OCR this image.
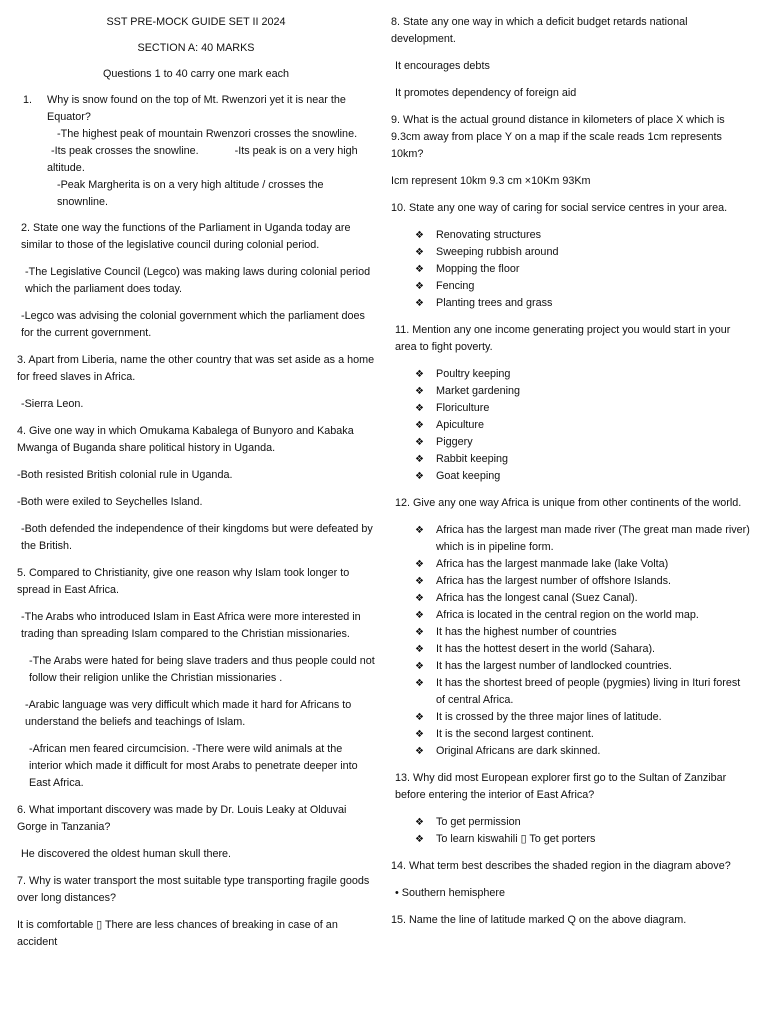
SST PRE-MOCK GUIDE SET II 2024

SECTION A: 40 MARKS

Questions 1 to 40 carry one mark each

1.	Why is snow found on the top of Mt. Rwenzori yet it is near the Equator?
-The highest peak of mountain Rwenzori crosses the snowline.
-Its peak crosses the snowline.	-Its peak is on a very high altitude.
-Peak Margherita is on a very high altitude / crosses the snownline.

2. State one way the functions of the Parliament in Uganda today are similar to those of the legislative council during colonial period.

-The Legislative Council (Legco) was making laws during colonial period which the parliament does today.

-Legco was advising the colonial government which the parliament does for the current government.

3. Apart from Liberia, name the other country that was set aside as a home for freed slaves in Africa.

-Sierra Leon.

4. Give one way in which Omukama Kabalega of Bunyoro and Kabaka Mwanga of Buganda share political history in Uganda.

-Both resisted British colonial rule in Uganda.

-Both were exiled to Seychelles Island.

-Both defended the independence of their kingdoms but were defeated by the British.

5. Compared to Christianity, give one reason why Islam took longer to spread in East Africa.

-The Arabs who introduced Islam in East Africa were more interested in trading than spreading Islam compared to the Christian missionaries.

-The Arabs were hated for being slave traders and thus people could not follow their religion unlike the Christian missionaries .

-Arabic language was very difficult which made it hard for Africans to understand the beliefs and teachings of Islam.

-African men feared circumcision. -There were wild animals at the interior which made it difficult for most Arabs to penetrate deeper into East Africa.

6. What important discovery was made by Dr. Louis Leaky at Olduvai Gorge in Tanzania?

He discovered the oldest human skull there.

7. Why is water transport the most suitable type transporting fragile goods over long distances?

It is comfortable ▯ There are less chances of breaking in case of an accident

8. State any one way in which a deficit budget retards national development.

It encourages debts

It promotes dependency of foreign aid

9. What is the actual ground distance in kilometers of place X which is 9.3cm away from place Y on a map if the scale reads 1cm represents 10km?

Icm represent 10km 9.3 cm ×10Km 93Km

10. State any one way of caring for social service centres in your area.

❖	Renovating structures
❖	Sweeping rubbish around
❖	Mopping the floor
❖	Fencing
❖	Planting trees and grass

11. Mention any one income generating project you would start in your area to fight poverty.

❖	Poultry keeping
❖	Market gardening
❖	Floriculture
❖	Apiculture
❖	Piggery
❖	Rabbit keeping
❖	Goat keeping

12. Give any one way Africa is unique from other continents of the world.

❖	Africa has the largest man made river (The great man made river) which is in pipeline form.
❖	Africa has the largest manmade lake (lake Volta)
❖	Africa has the largest number of offshore Islands.
❖	Africa has the longest canal (Suez Canal).
❖	Africa is located in the central region on the world map.
❖	It has the highest number of countries
❖	It has the hottest desert in the world (Sahara).
❖	It has the largest number of landlocked countries.
❖	It has the shortest breed of people (pygmies) living in Ituri forest of central Africa.
❖	It is crossed by the three major lines of latitude.
❖	It is the second largest continent.
❖	Original Africans are dark skinned.

13. Why did most European explorer first go to the Sultan of Zanzibar before entering the interior of East Africa?

❖	To get permission
❖	To learn kiswahili ▯ To get porters

14. What term best describes the shaded region in the diagram above?

• Southern hemisphere

15. Name the line of latitude marked Q on the above diagram.
